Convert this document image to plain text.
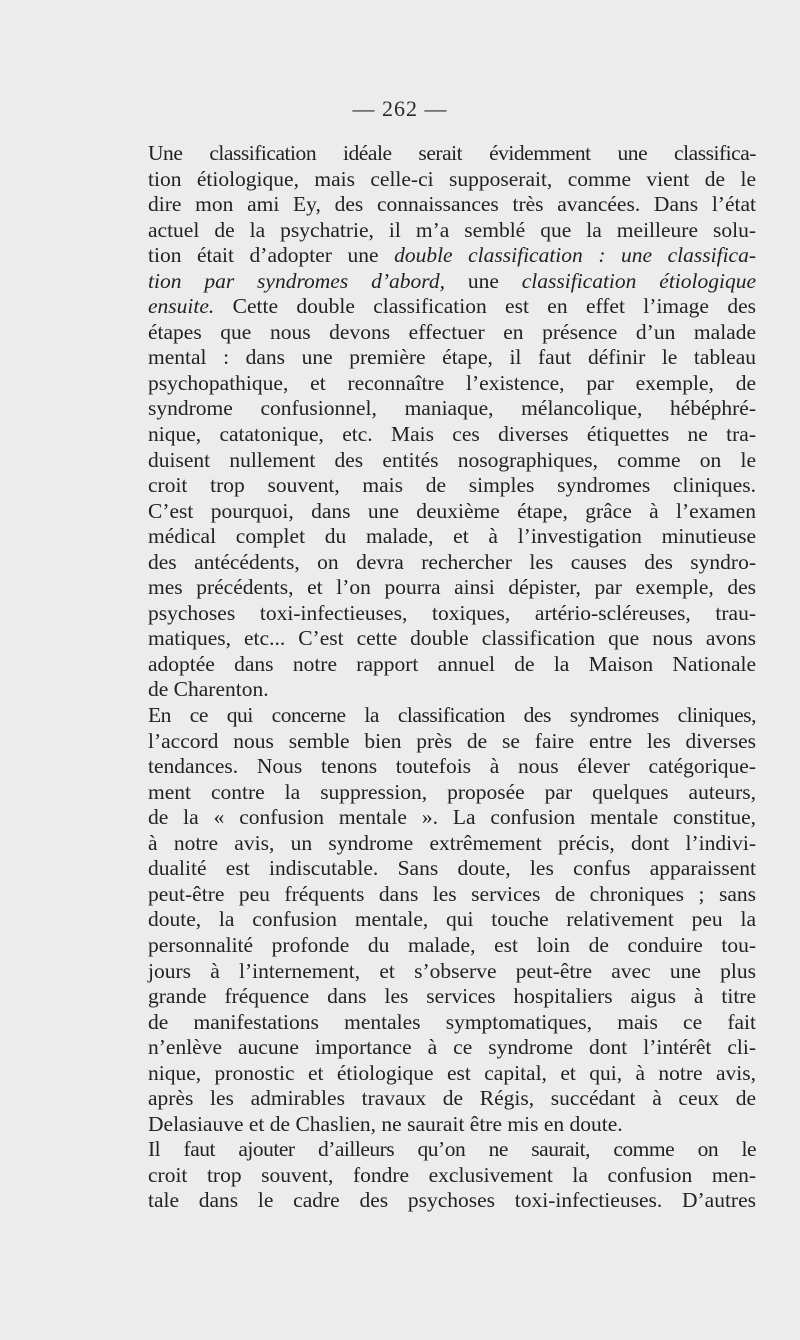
— 262 —

Une classification idéale serait évidemment une classifica-
tion étiologique, mais celle-ci supposerait, comme vient de le
dire mon ami Ey, des connaissances très avancées. Dans l’état
actuel de la psychatrie, il m’a semblé que la meilleure solu-
tion était d’adopter une double classification : une classifica-
tion par syndromes d’abord, une classification étiologique
ensuite. Cette double classification est en effet l’image des
étapes que nous devons effectuer en présence d’un malade
mental : dans une première étape, il faut définir le tableau
psychopathique, et reconnaître l’existence, par exemple, de
syndrome confusionnel, maniaque, mélancolique, hébéphré-
nique, catatonique, etc. Mais ces diverses étiquettes ne tra-
duisent nullement des entités nosographiques, comme on le
croit trop souvent, mais de simples syndromes cliniques.
C’est pourquoi, dans une deuxième étape, grâce à l’examen
médical complet du malade, et à l’investigation minutieuse
des antécédents, on devra rechercher les causes des syndro-
mes précédents, et l’on pourra ainsi dépister, par exemple, des
psychoses toxi-infectieuses, toxiques, artério-scléreuses, trau-
matiques, etc... C’est cette double classification que nous avons
adoptée dans notre rapport annuel de la Maison Nationale
de Charenton.

En ce qui concerne la classification des syndromes cliniques,
l’accord nous semble bien près de se faire entre les diverses
tendances. Nous tenons toutefois à nous élever catégorique-
ment contre la suppression, proposée par quelques auteurs,
de la « confusion mentale ». La confusion mentale constitue,
à notre avis, un syndrome extrêmement précis, dont l’indivi-
dualité est indiscutable. Sans doute, les confus apparaissent
peut-être peu fréquents dans les services de chroniques ; sans
doute, la confusion mentale, qui touche relativement peu la
personnalité profonde du malade, est loin de conduire tou-
jours à l’internement, et s’observe peut-être avec une plus
grande fréquence dans les services hospitaliers aigus à titre
de manifestations mentales symptomatiques, mais ce fait
n’enlève aucune importance à ce syndrome dont l’intérêt cli-
nique, pronostic et étiologique est capital, et qui, à notre avis,
après les admirables travaux de Régis, succédant à ceux de
Delasiauve et de Chaslien, ne saurait être mis en doute.

Il faut ajouter d’ailleurs qu’on ne saurait, comme on le
croit trop souvent, fondre exclusivement la confusion men-
tale dans le cadre des psychoses toxi-infectieuses. D’autres
